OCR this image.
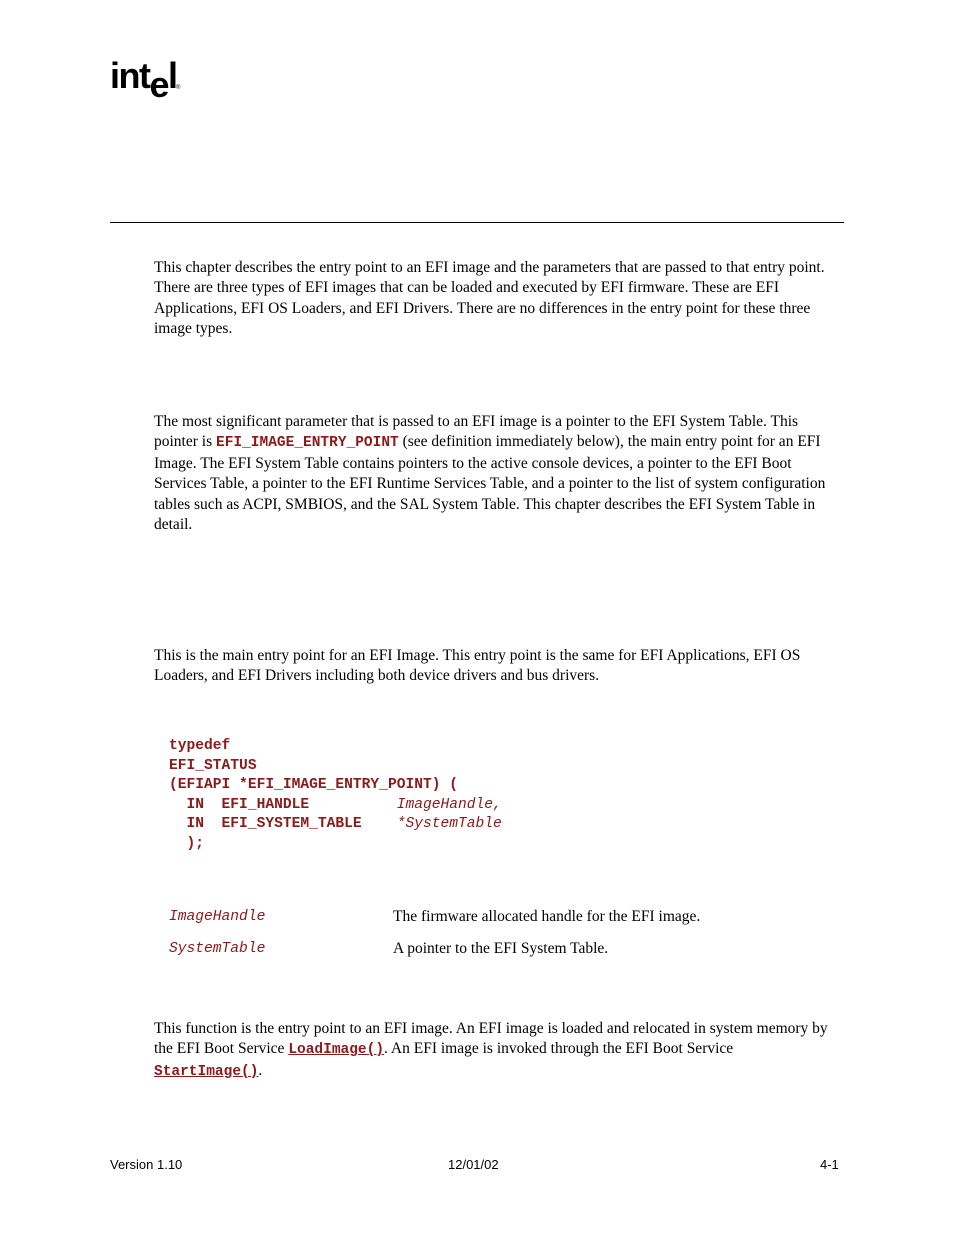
intel ®

This chapter describes the entry point to an EFI image and the parameters that are passed to that entry point. There are three types of EFI images that can be loaded and executed by EFI firmware. These are EFI Applications, EFI OS Loaders, and EFI Drivers. There are no differences in the entry point for these three image types.

The most significant parameter that is passed to an EFI image is a pointer to the EFI System Table. This pointer is EFI_IMAGE_ENTRY_POINT (see definition immediately below), the main entry point for an EFI Image. The EFI System Table contains pointers to the active console devices, a pointer to the EFI Boot Services Table, a pointer to the EFI Runtime Services Table, and a pointer to the list of system configuration tables such as ACPI, SMBIOS, and the SAL System Table. This chapter describes the EFI System Table in detail.

This is the main entry point for an EFI Image. This entry point is the same for EFI Applications, EFI OS Loaders, and EFI Drivers including both device drivers and bus drivers.

typedef
EFI_STATUS
(EFIAPI *EFI_IMAGE_ENTRY_POINT) (
IN  EFI_HANDLE          ImageHandle,
IN  EFI_SYSTEM_TABLE    *SystemTable
);
ImageHandle	The firmware allocated handle for the EFI image.
SystemTable	A pointer to the EFI System Table.

This function is the entry point to an EFI image. An EFI image is loaded and relocated in system memory by the EFI Boot Service LoadImage(). An EFI image is invoked through the EFI Boot Service StartImage().

Version 1.10	12/01/02	4-1
